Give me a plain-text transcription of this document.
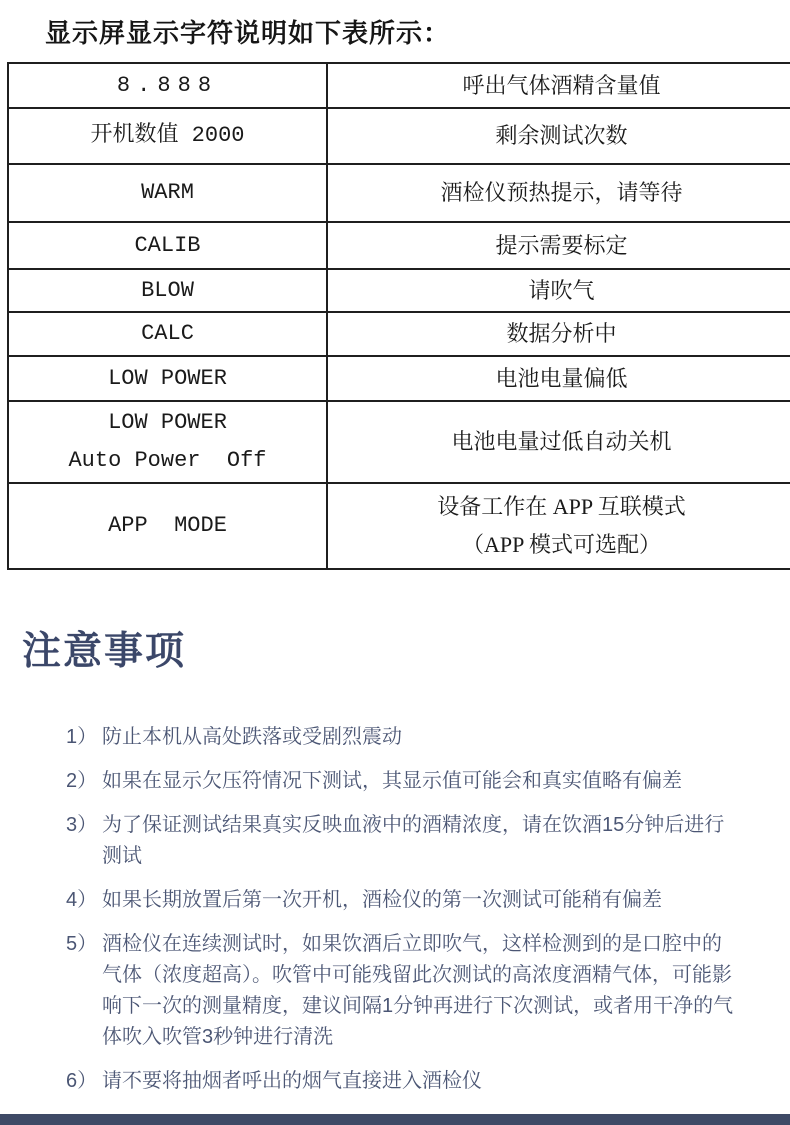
显示屏显示字符说明如下表所示：
8.888	呼出气体酒精含量值

开机数值 2000	剩余测试次数

WARM	酒检仪预热提示，请等待

CALIB	提示需要标定

BLOW	请吹气

CALC	数据分析中

LOW POWER	电池电量偏低

LOW POWER
Auto Power  Off	电池电量过低自动关机

APP  MODE	设备工作在 APP 互联模式
（APP 模式可选配）
注意事项
1） 防止本机从高处跌落或受剧烈震动
2） 如果在显示欠压符情况下测试，其显示值可能会和真实值略有偏差
3） 为了保证测试结果真实反映血液中的酒精浓度，请在饮酒15分钟后进行测试
4） 如果长期放置后第一次开机，酒检仪的第一次测试可能稍有偏差
5） 酒检仪在连续测试时，如果饮酒后立即吹气，这样检测到的是口腔中的气体（浓度超高）。吹管中可能残留此次测试的高浓度酒精气体，可能影响下一次的测量精度，建议间隔1分钟再进行下次测试，或者用干净的气体吹入吹管3秒钟进行清洗
6） 请不要将抽烟者呼出的烟气直接进入酒检仪
